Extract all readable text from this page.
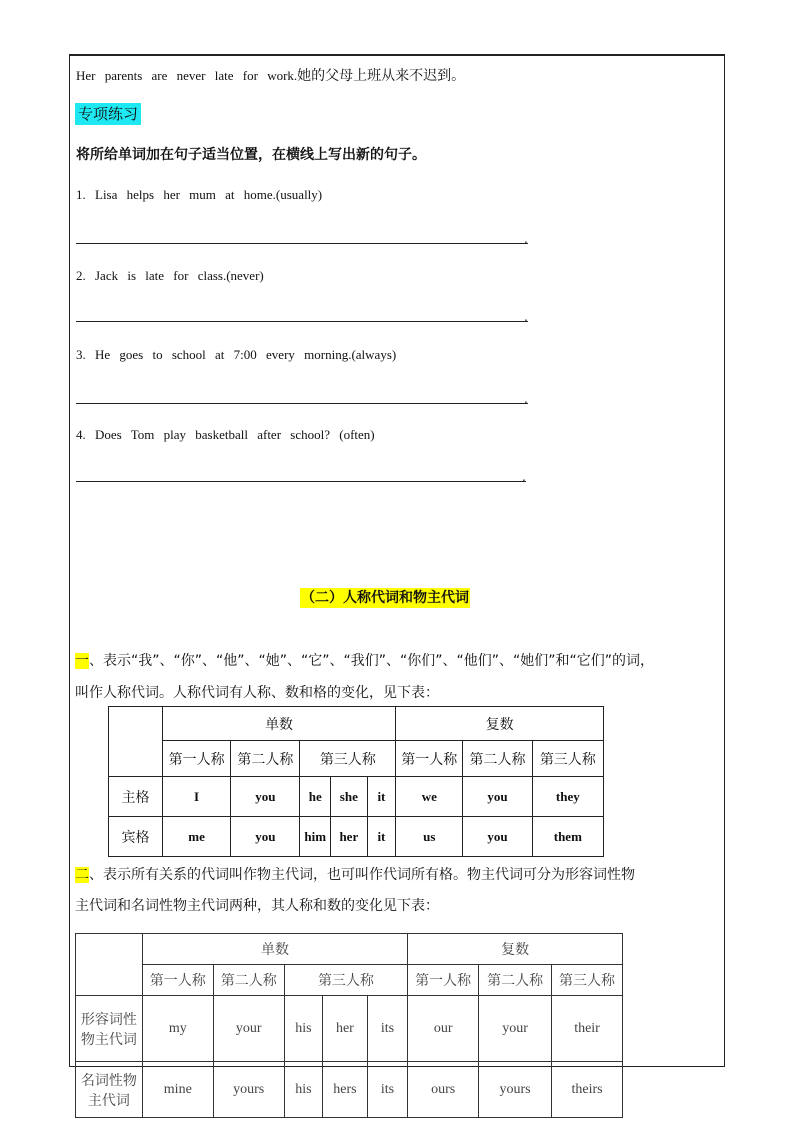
Her parents are never late for work.她的父母上班从来不迟到。
专项练习
将所给单词加在句子适当位置，在横线上写出新的句子。
1. Lisa helps her mum at home.(usually)
.
2. Jack is late for class.(never)
.
3. He goes to school at 7:00 every morning.(always)
.
4. Does Tom play basketball after school? (often)
.
（二）人称代词和物主代词
一、表示“我”、“你”、“他”、“她”、“它”、“我们”、“你们”、“他们”、“她们”和“它们”的词，
叫作人称代词。人称代词有人称、数和格的变化，见下表：
	单数					复数		
	第一人称	第二人称	第三人称			第一人称	第二人称	第三人称
主格	I	you	he	she	it	we	you	they
宾格	me	you	him	her	it	us	you	them
二、表示所有关系的代词叫作物主代词，也可叫作代词所有格。物主代词可分为形容词性物
主代词和名词性物主代词两种，其人称和数的变化见下表：
	单数					复数		
	第一人称	第二人称	第三人称			第一人称	第二人称	第三人称

形容词性
物主代词	my	your	his	her	its	our	your	their

名词性物
主代词	mine	yours	his	hers	its	ours	yours	theirs
